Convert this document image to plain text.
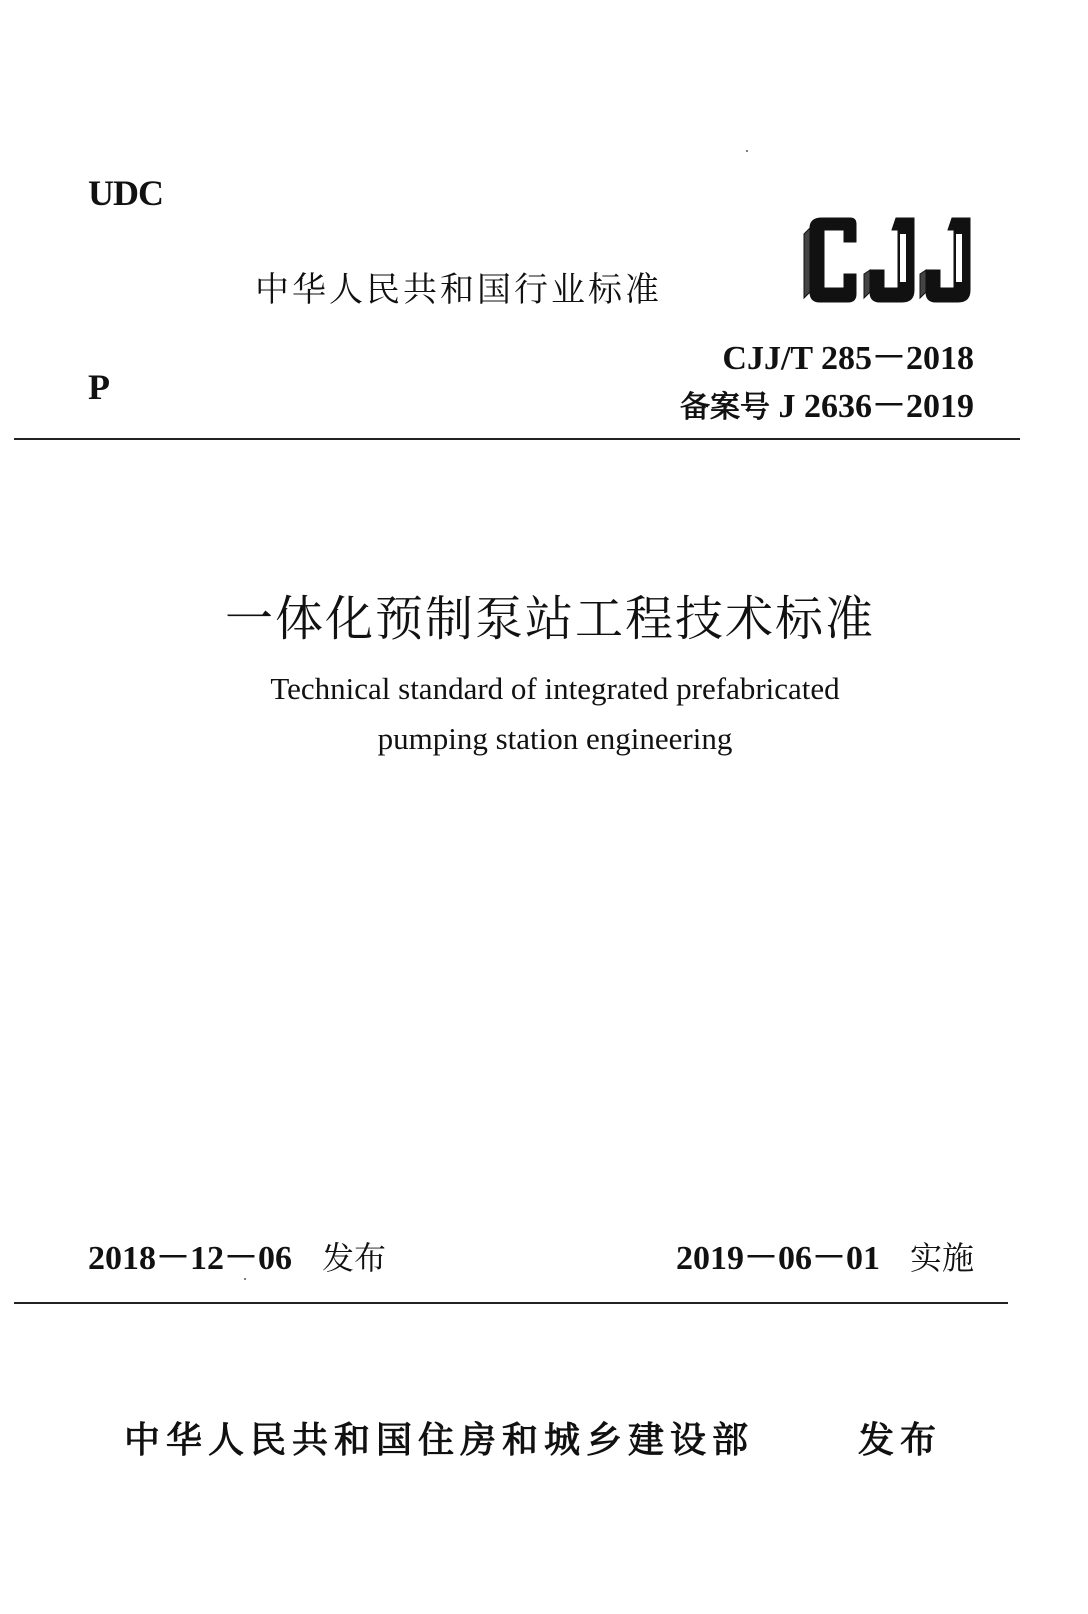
UDC
中华人民共和国行业标准
CJJ/T 285－2018
P
备案号 J 2636－2019
一体化预制泵站工程技术标准
Technical standard of integrated prefabricated
pumping station engineering
2018－12－06 发布	2019－06－01 实施
中华人民共和国住房和城乡建设部	发布
